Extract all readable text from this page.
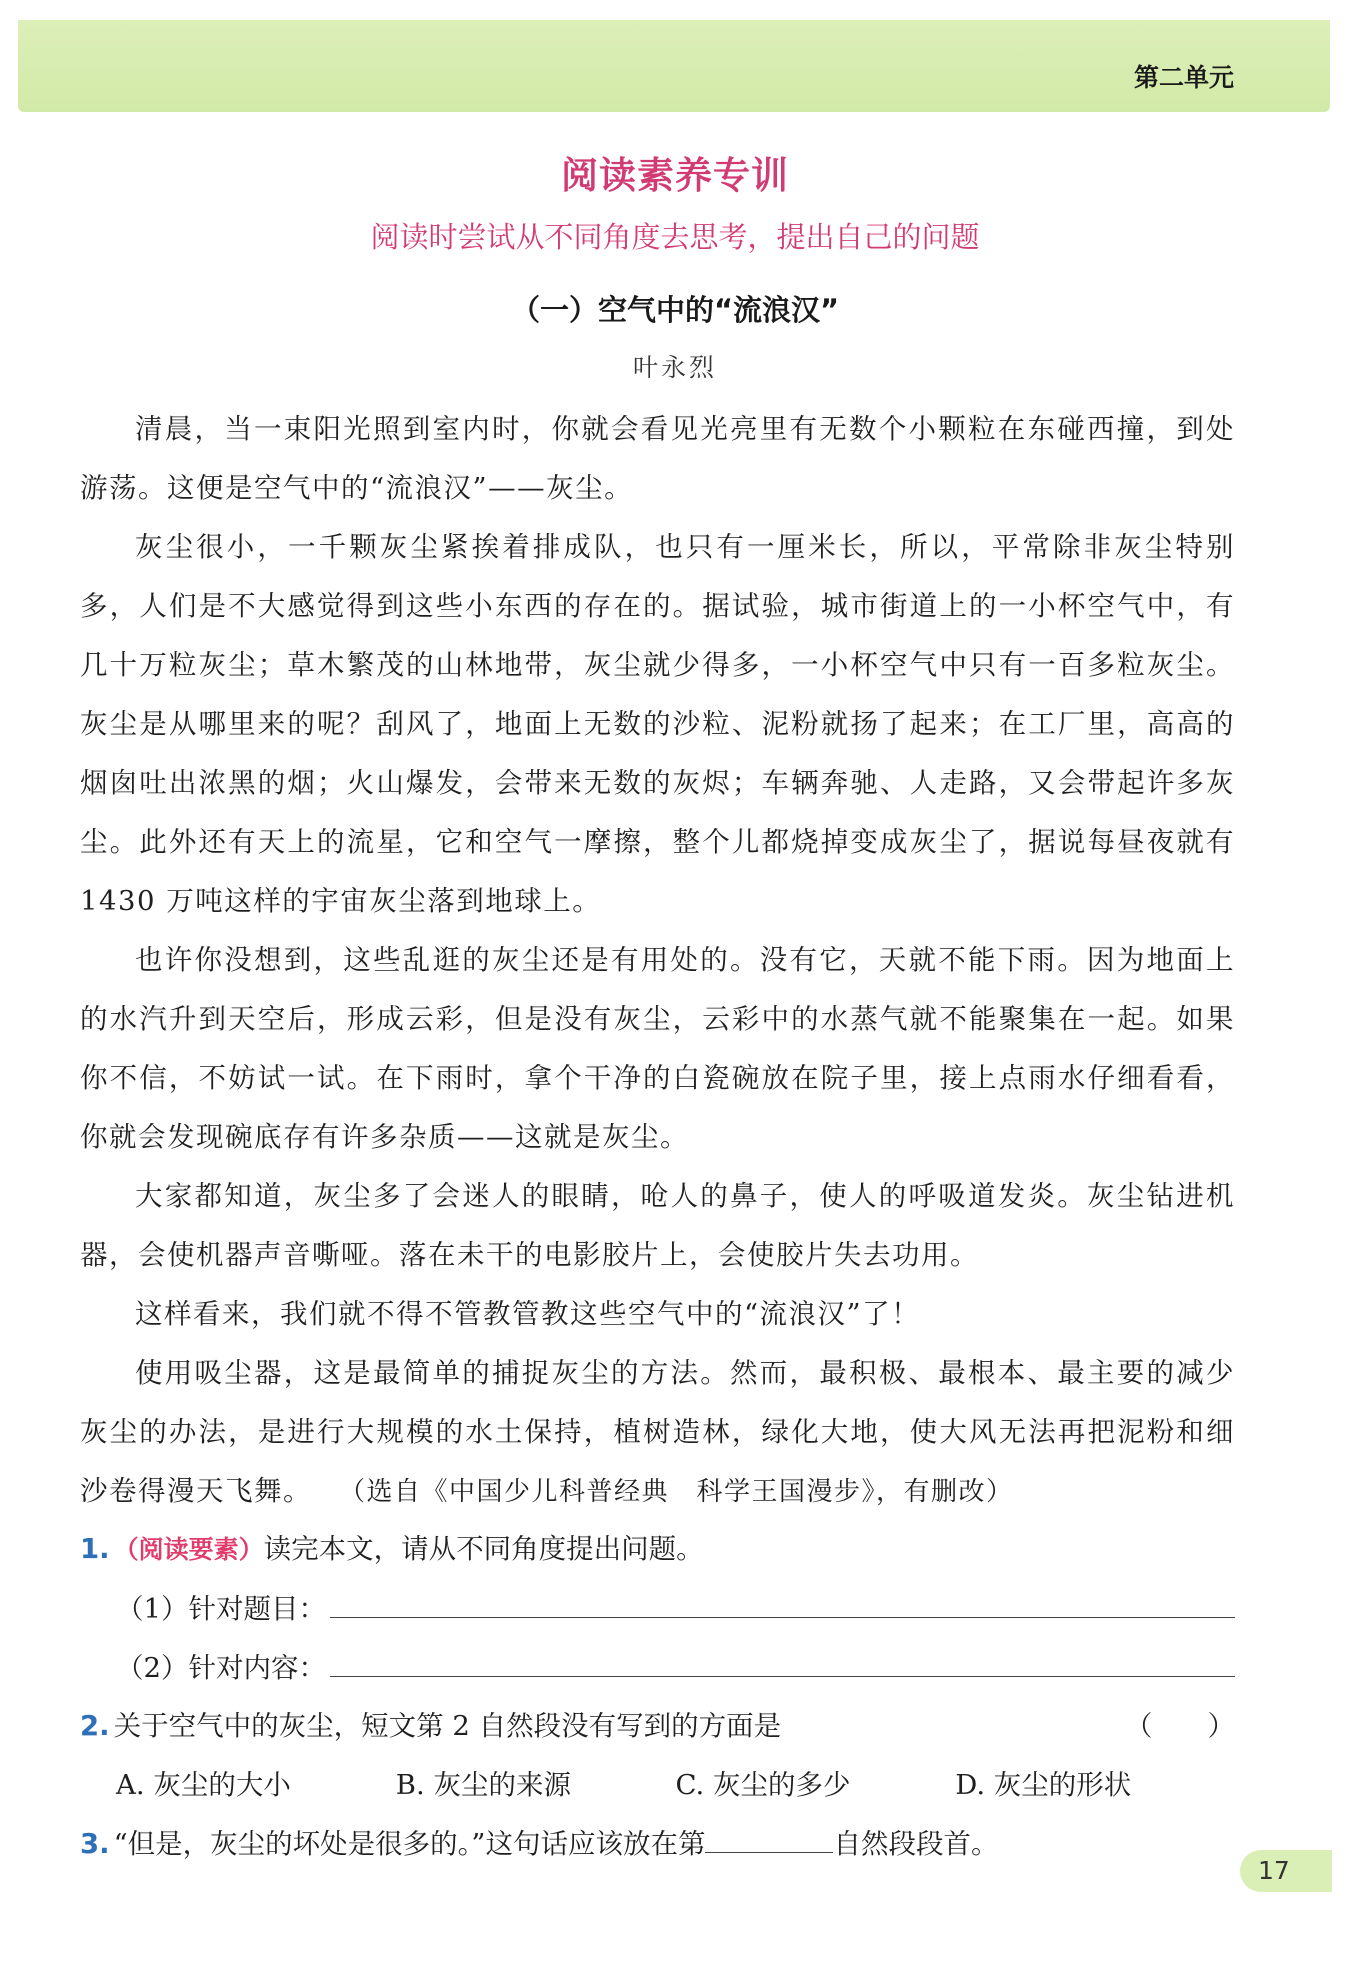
第二单元
阅读素养专训
阅读时尝试从不同角度去思考，提出自己的问题
（一）空气中的“流浪汉”
叶永烈

清晨，当一束阳光照到室内时，你就会看见光亮里有无数个小颗粒在东碰西撞，到处游荡。这便是空气中的“流浪汉”——灰尘。

灰尘很小，一千颗灰尘紧挨着排成队，也只有一厘米长，所以，平常除非灰尘特别多，人们是不大感觉得到这些小东西的存在的。据试验，城市街道上的一小杯空气中，有几十万粒灰尘；草木繁茂的山林地带，灰尘就少得多，一小杯空气中只有一百多粒灰尘。灰尘是从哪里来的呢？刮风了，地面上无数的沙粒、泥粉就扬了起来；在工厂里，高高的烟囱吐出浓黑的烟；火山爆发，会带来无数的灰烬；车辆奔驰、人走路，又会带起许多灰尘。此外还有天上的流星，它和空气一摩擦，整个儿都烧掉变成灰尘了，据说每昼夜就有 1430 万吨这样的宇宙灰尘落到地球上。

也许你没想到，这些乱逛的灰尘还是有用处的。没有它，天就不能下雨。因为地面上的水汽升到天空后，形成云彩，但是没有灰尘，云彩中的水蒸气就不能聚集在一起。如果你不信，不妨试一试。在下雨时，拿个干净的白瓷碗放在院子里，接上点雨水仔细看看，你就会发现碗底存有许多杂质——这就是灰尘。

大家都知道，灰尘多了会迷人的眼睛，呛人的鼻子，使人的呼吸道发炎。灰尘钻进机器，会使机器声音嘶哑。落在未干的电影胶片上，会使胶片失去功用。

这样看来，我们就不得不管教管教这些空气中的“流浪汉”了！

使用吸尘器，这是最简单的捕捉灰尘的方法。然而，最积极、最根本、最主要的减少灰尘的办法，是进行大规模的水土保持，植树造林，绿化大地，使大风无法再把泥粉和细沙卷得漫天飞舞。 （选自《中国少儿科普经典　科学王国漫步》，有删改）

1. （阅读要素）读完本文，请从不同角度提出问题。
（1）针对题目：
（2）针对内容：
2. 关于空气中的灰尘，短文第 2 自然段没有写到的方面是	（　　）
A. 灰尘的大小	B. 灰尘的来源	C. 灰尘的多少	D. 灰尘的形状
3. “但是，灰尘的坏处是很多的。”这句话应该放在第	自然段段首。
17
